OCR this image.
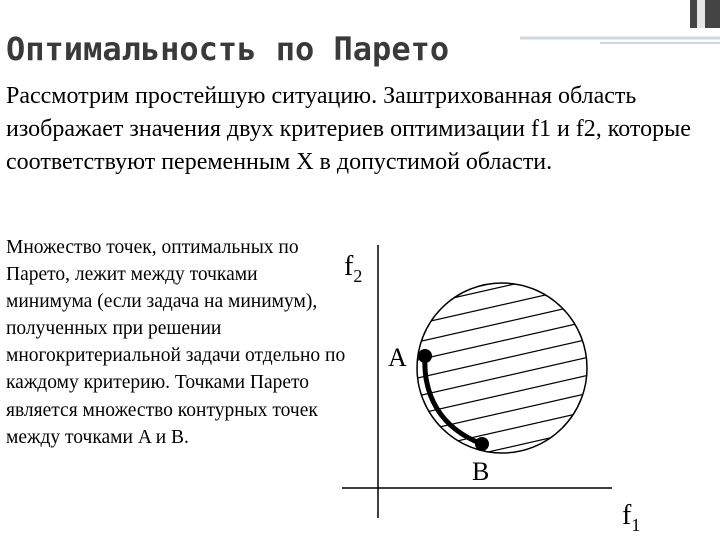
Оптимальность по Парето
Рассмотрим простейшую ситуацию. Заштрихованная область изображает значения двух критериев оптимизации f1 и f2, которые соответствуют переменным X в допустимой области.
Множество точек, оптимальных по Парето, лежит между точками минимума (если задача на минимум), полученных при решении многокритериальной задачи отдельно по каждому критерию. Точками Парето является множество контурных точек между точками A и B.
$f_2$
A
B
$f_1$
